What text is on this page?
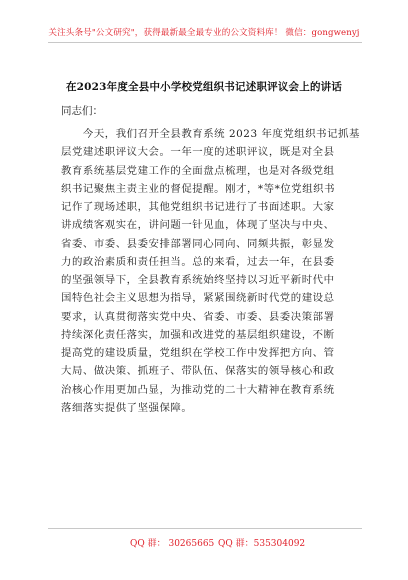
关注头条号"公文研究"，获得最新最全最专业的公文资料库！ 微信：gongwenyj
在2023年度全县中小学校党组织书记述职评议会上的讲话
同志们：
　　今天，我们召开全县教育系统 2023 年度党组织书记抓基
层党建述职评议大会。一年一度的述职评议，既是对全县
教育系统基层党建工作的全面盘点梳理，也是对各级党组
织书记聚焦主责主业的督促提醒。刚才，*等*位党组织书
记作了现场述职，其他党组织书记进行了书面述职。大家
讲成绩客观实在，讲问题一针见血，体现了坚决与中央、
省委、市委、县委安排部署同心同向、同频共振，彰显发
力的政治素质和责任担当。总的来看，过去一年，在县委
的坚强领导下，全县教育系统始终坚持以习近平新时代中
国特色社会主义思想为指导，紧紧围绕新时代党的建设总
要求，认真贯彻落实党中央、省委、市委、县委决策部署
持续深化责任落实，加强和改进党的基层组织建设，不断
提高党的建设质量，党组织在学校工作中发挥把方向、管
大局、做决策、抓班子、带队伍、保落实的领导核心和政
治核心作用更加凸显，为推动党的二十大精神在教育系统
落细落实提供了坚强保障。
QQ 群： 30265665 QQ 群：535304092
